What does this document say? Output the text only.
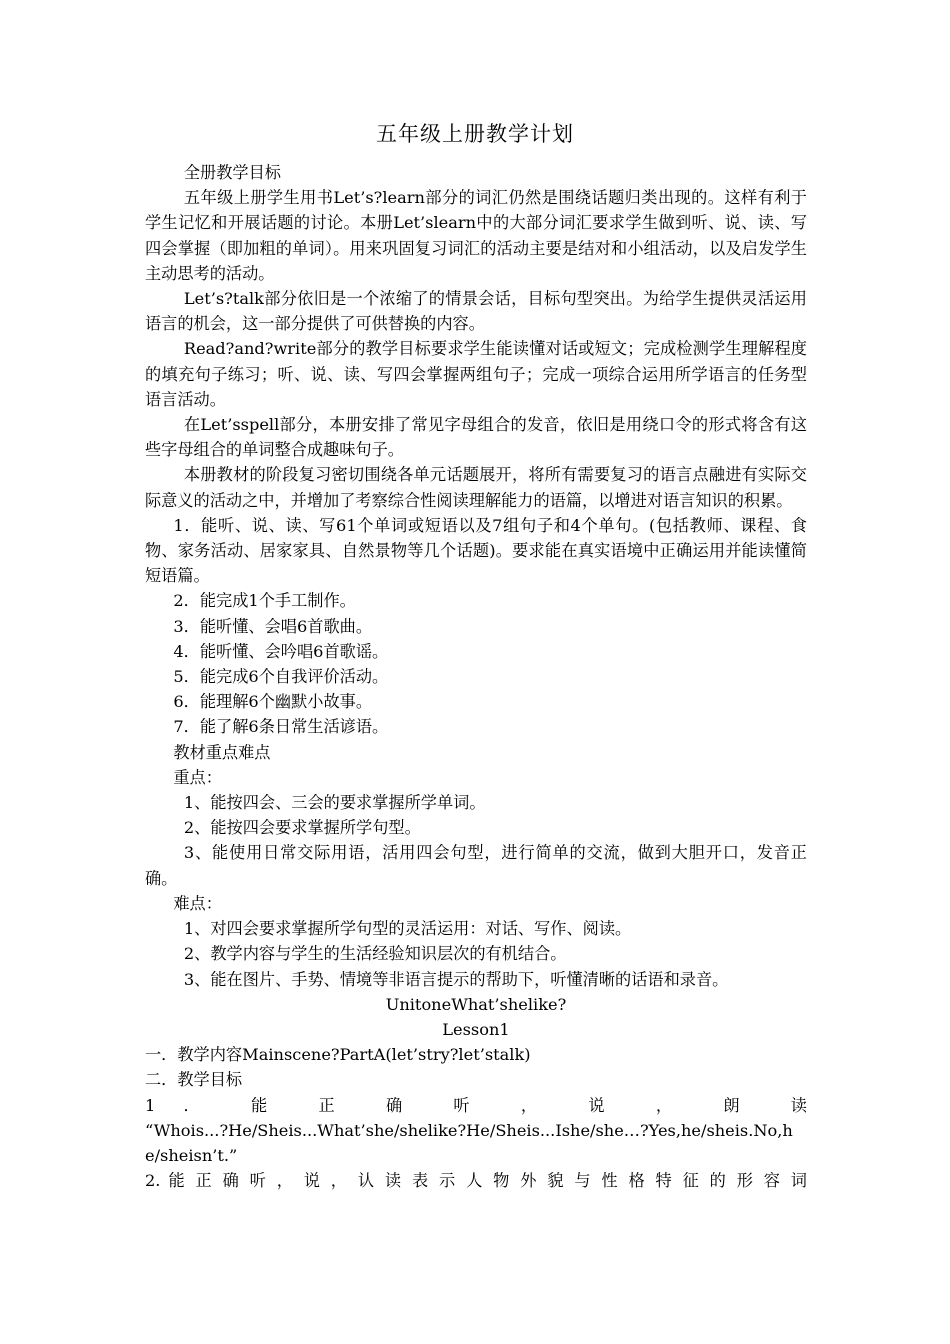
五年级上册教学计划

全册教学目标

五年级上册学生用书Let’s?learn部分的词汇仍然是围绕话题归类出现的。这样有利于学生记忆和开展话题的讨论。本册Let’slearn中的大部分词汇要求学生做到听、说、读、写四会掌握（即加粗的单词）。用来巩固复习词汇的活动主要是结对和小组活动，以及启发学生主动思考的活动。

Let’s?talk部分依旧是一个浓缩了的情景会话，目标句型突出。为给学生提供灵活运用语言的机会，这一部分提供了可供替换的内容。

Read?and?write部分的教学目标要求学生能读懂对话或短文；完成检测学生理解程度的填充句子练习；听、说、读、写四会掌握两组句子；完成一项综合运用所学语言的任务型语言活动。

在Let’sspell部分，本册安排了常见字母组合的发音，依旧是用绕口令的形式将含有这些字母组合的单词整合成趣味句子。

本册教材的阶段复习密切围绕各单元话题展开，将所有需要复习的语言点融进有实际交际意义的活动之中，并增加了考察综合性阅读理解能力的语篇，以增进对语言知识的积累。

1．能听、说、读、写61个单词或短语以及7组句子和4个单句。(包括教师、课程、食物、家务活动、居家家具、自然景物等几个话题)。要求能在真实语境中正确运用并能读懂简短语篇。

2．能完成1个手工制作。

3．能听懂、会唱6首歌曲。

4．能听懂、会吟唱6首歌谣。

5．能完成6个自我评价活动。

6．能理解6个幽默小故事。

7．能了解6条日常生活谚语。

教材重点难点

重点：

1、能按四会、三会的要求掌握所学单词。

2、能按四会要求掌握所学句型。

3、能使用日常交际用语，活用四会句型，进行简单的交流，做到大胆开口，发音正确。

难点：

1、对四会要求掌握所学句型的灵活运用：对话、写作、阅读。

2、教学内容与学生的生活经验知识层次的有机结合。

3、能在图片、手势、情境等非语言提示的帮助下，听懂清晰的话语和录音。

UnitoneWhat’shelike?

Lesson1

一．教学内容Mainscene?PartA(let’stry?let’stalk)

二．教学目标

1 ． 能 正 确 听 ， 说 ， 朗 读

“Whois...?He/Sheis...What’she/shelike?He/Sheis...Ishe/she…?Yes,he/sheis.No,he/sheisn’t.”

2. 能 正 确 听 ， 说 ， 认 读 表 示 人 物 外 貌 与 性 格 特 征 的 形 容 词
